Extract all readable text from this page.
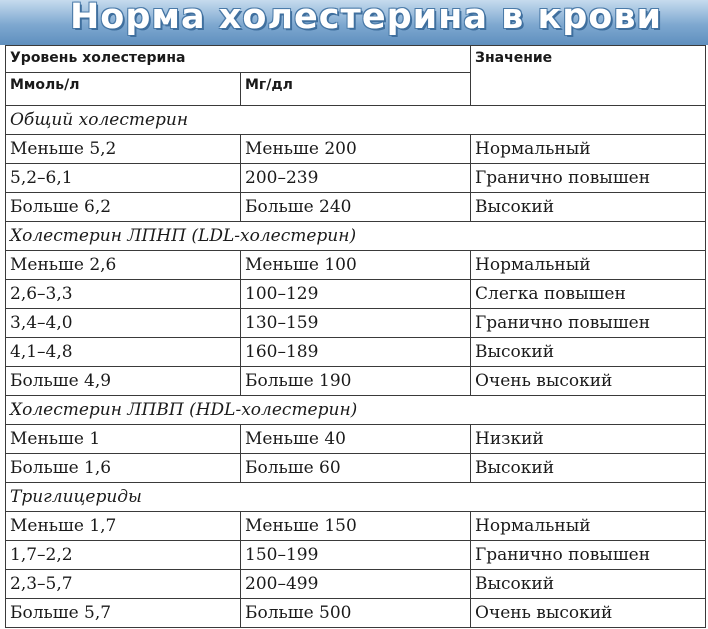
Норма холестерина в крови
Уровень холестерина		Значение
Ммоль/л	Мг/дл	
Общий холестерин		
Меньше 5,2	Меньше 200	Нормальный
5,2–6,1	200–239	Гранично повышен
Больше 6,2	Больше 240	Высокий
Холестерин ЛПНП (LDL-холестерин)		
Меньше 2,6	Меньше 100	Нормальный
2,6–3,3	100–129	Слегка повышен
3,4–4,0	130–159	Гранично повышен
4,1–4,8	160–189	Высокий
Больше 4,9	Больше 190	Очень высокий
Холестерин ЛПВП (HDL-холестерин)		
Меньше 1	Меньше 40	Низкий
Больше 1,6	Больше 60	Высокий
Триглицериды		
Меньше 1,7	Меньше 150	Нормальный
1,7–2,2	150–199	Гранично повышен
2,3–5,7	200–499	Высокий
Больше 5,7	Больше 500	Очень высокий
